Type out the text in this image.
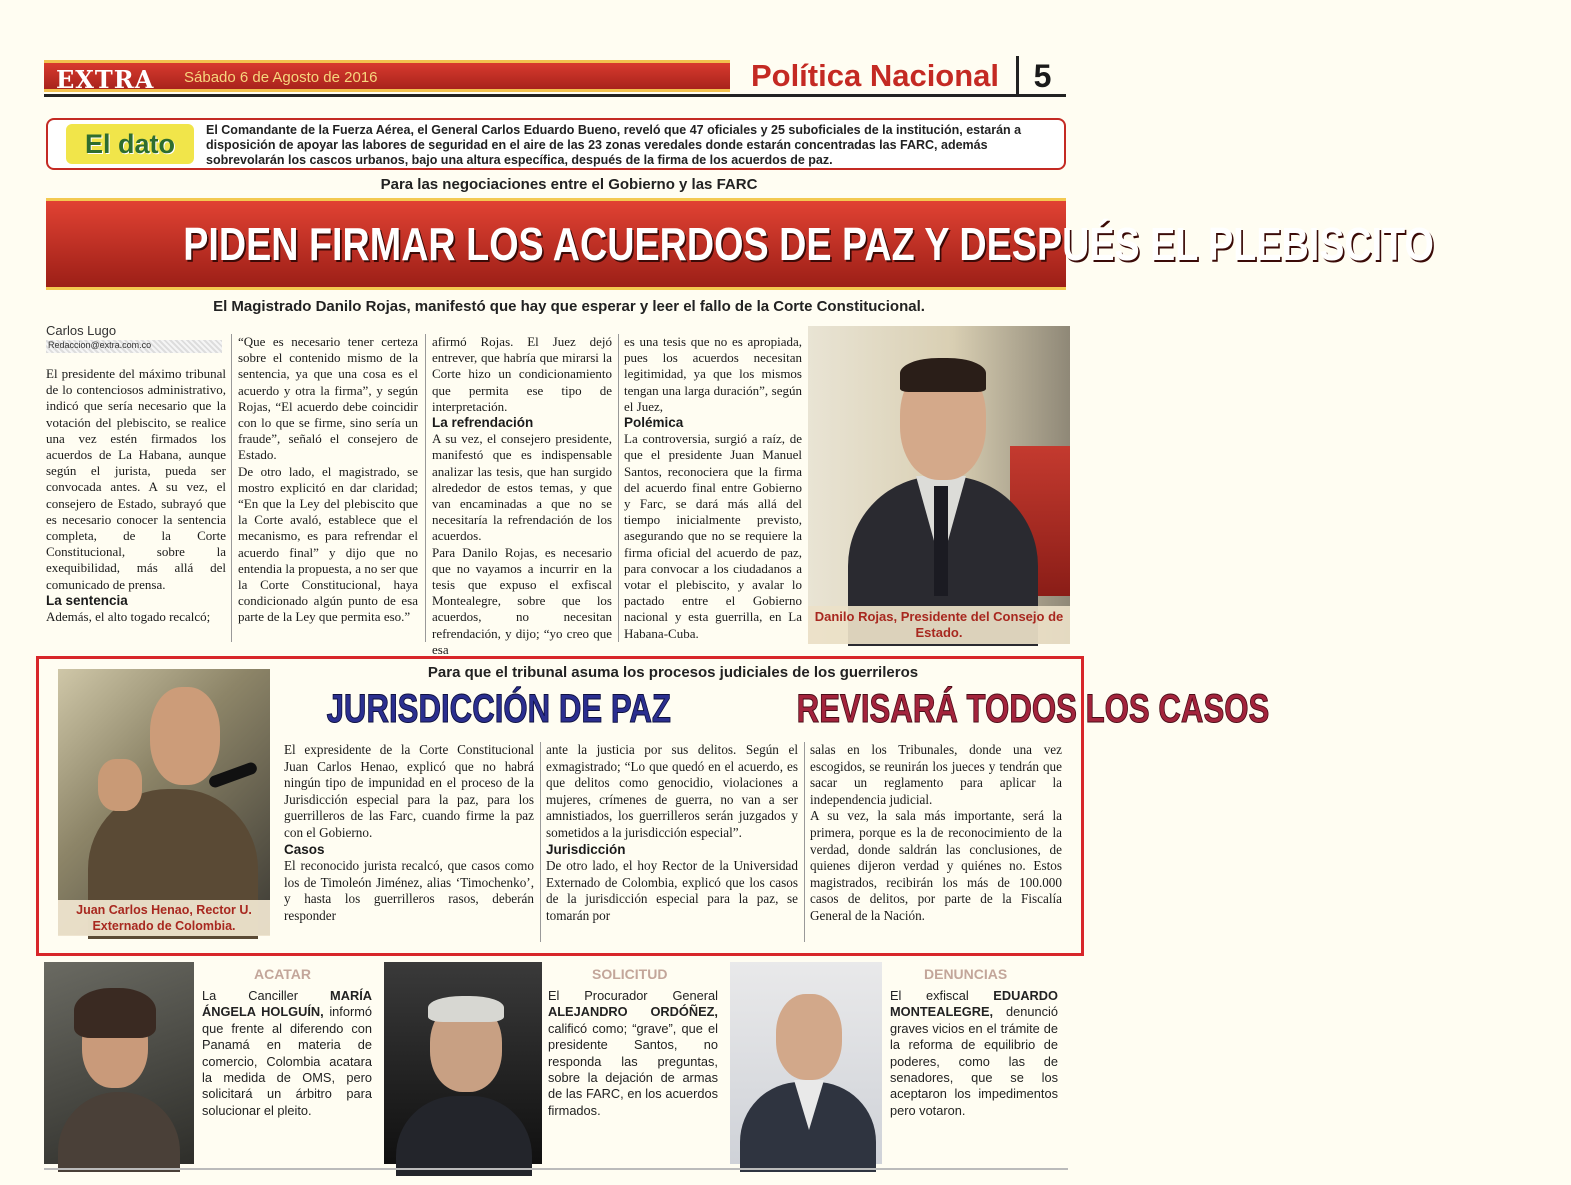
EXTRA Sábado 6 de Agosto de 2016	Política Nacional	5
El dato	El Comandante de la Fuerza Aérea, el General Carlos Eduardo Bueno, reveló que 47 oficiales y 25 suboficiales de la institución, estarán a disposición de apoyar las labores de seguridad en el aire de las 23 zonas veredales donde estarán concentradas las FARC, además sobrevolarán los cascos urbanos, bajo una altura específica, después de la firma de los acuerdos de paz.
Para las negociaciones entre el Gobierno y las FARC
PIDEN FIRMAR LOS ACUERDOS DE PAZ Y DESPUÉS EL PLEBISCITO
El Magistrado Danilo Rojas, manifestó que hay que esperar y leer el fallo de la Corte Constitucional.
Carlos Lugo
Redaccion@extra.com.co

El presidente del máximo tribunal de lo contenciosos administrativo, indicó que sería necesario que la votación del plebiscito, se realice una vez estén firmados los acuerdos de La Habana, aunque según el jurista, pueda ser convocada antes. A su vez, el consejero de Estado, subrayó que es necesario conocer la sentencia completa, de la Corte Constitucional, sobre la exequibilidad, más allá del comunicado de prensa.

La sentencia

Además, el alto togado recalcó;

“Que es necesario tener certeza sobre el contenido mismo de la sentencia, ya que una cosa es el acuerdo y otra la firma”, y según Rojas, “El acuerdo debe coincidir con lo que se firme, sino sería un fraude”, señaló el consejero de Estado.

De otro lado, el magistrado, se mostro explicitó en dar claridad; “En que la Ley del plebiscito que la Corte avaló, establece que el mecanismo, es para refrendar el acuerdo final” y dijo que no entendia la propuesta, a no ser que la Corte Constitucional, haya condicionado algún punto de esa parte de la Ley que permita eso.”

afirmó Rojas. El Juez dejó entrever, que habría que mirarsi la Corte hizo un condicionamiento que permita ese tipo de interpretación.

La refrendación

A su vez, el consejero presidente, manifestó que es indispensable analizar las tesis, que han surgido alrededor de estos temas, y que van encaminadas a que no se necesitaría la refrendación de los acuerdos.

Para Danilo Rojas, es necesario que no vayamos a incurrir en la tesis que expuso el exfiscal Montealegre, sobre que los acuerdos, no necesitan refrendación, y dijo; “yo creo que esa

es una tesis que no es apropiada, pues los acuerdos necesitan legitimidad, ya que los mismos tengan una larga duración”, según el Juez,

Polémica

La controversia, surgió a raíz, de que el presidente Juan Manuel Santos, reconociera que la firma del acuerdo final entre Gobierno y Farc, se dará más allá del tiempo inicialmente previsto, asegurando que no se requiere la firma oficial del acuerdo de paz, para convocar a los ciudadanos a votar el plebiscito, y avalar lo pactado entre el Gobierno nacional y esta guerrilla, en La Habana-Cuba.

Danilo Rojas, Presidente del Consejo de Estado.
Juan Carlos Henao, Rector U. Externado de Colombia.
Para que el tribunal asuma los procesos judiciales de los guerrileros
JURISDICCIÓN DE PAZ	REVISARÁ TODOS LOS CASOS

El expresidente de la Corte Constitucional Juan Carlos Henao, explicó que no habrá ningún tipo de impunidad en el proceso de la Jurisdicción especial para la paz, para los guerrilleros de las Farc, cuando firme la paz con el Gobierno.

Casos

El reconocido jurista recalcó, que casos como los de Timoleón Jiménez, alias ‘Timochenko’, y hasta los guerrilleros rasos, deberán responder

ante la justicia por sus delitos. Según el exmagistrado; “Lo que quedó en el acuerdo, es que delitos como genocidio, violaciones a mujeres, crímenes de guerra, no van a ser amnistiados, los guerrilleros serán juzgados y sometidos a la jurisdicción especial”.

Jurisdicción

De otro lado, el hoy Rector de la Universidad Externado de Colombia, explicó que los casos de la jurisdicción especial para la paz, se tomarán por

salas en los Tribunales, donde una vez escogidos, se reunirán los jueces y tendrán que sacar un reglamento para aplicar la independencia judicial.

A su vez, la sala más importante, será la primera, porque es la de reconocimiento de la verdad, donde saldrán las conclusiones, de quienes dijeron verdad y quiénes no. Estos magistrados, recibirán los más de 100.000 casos de delitos, por parte de la Fiscalía General de la Nación.

ACATAR
La Canciller MARÍA ÁNGELA HOLGUÍN, informó que frente al diferendo con Panamá en materia de comercio, Colombia acatara la medida de OMS, pero solicitará un árbitro para solucionar el pleito.
SOLICITUD
El Procurador General ALEJANDRO ORDÓÑEZ, calificó como; “grave”, que el presidente Santos, no responda las preguntas, sobre la dejación de armas de las FARC, en los acuerdos firmados.
DENUNCIAS
El exfiscal EDUARDO MONTEALEGRE, denunció graves vicios en el trámite de la reforma de equilibrio de poderes, como las de senadores, que se los aceptaron los impedimentos pero votaron.
